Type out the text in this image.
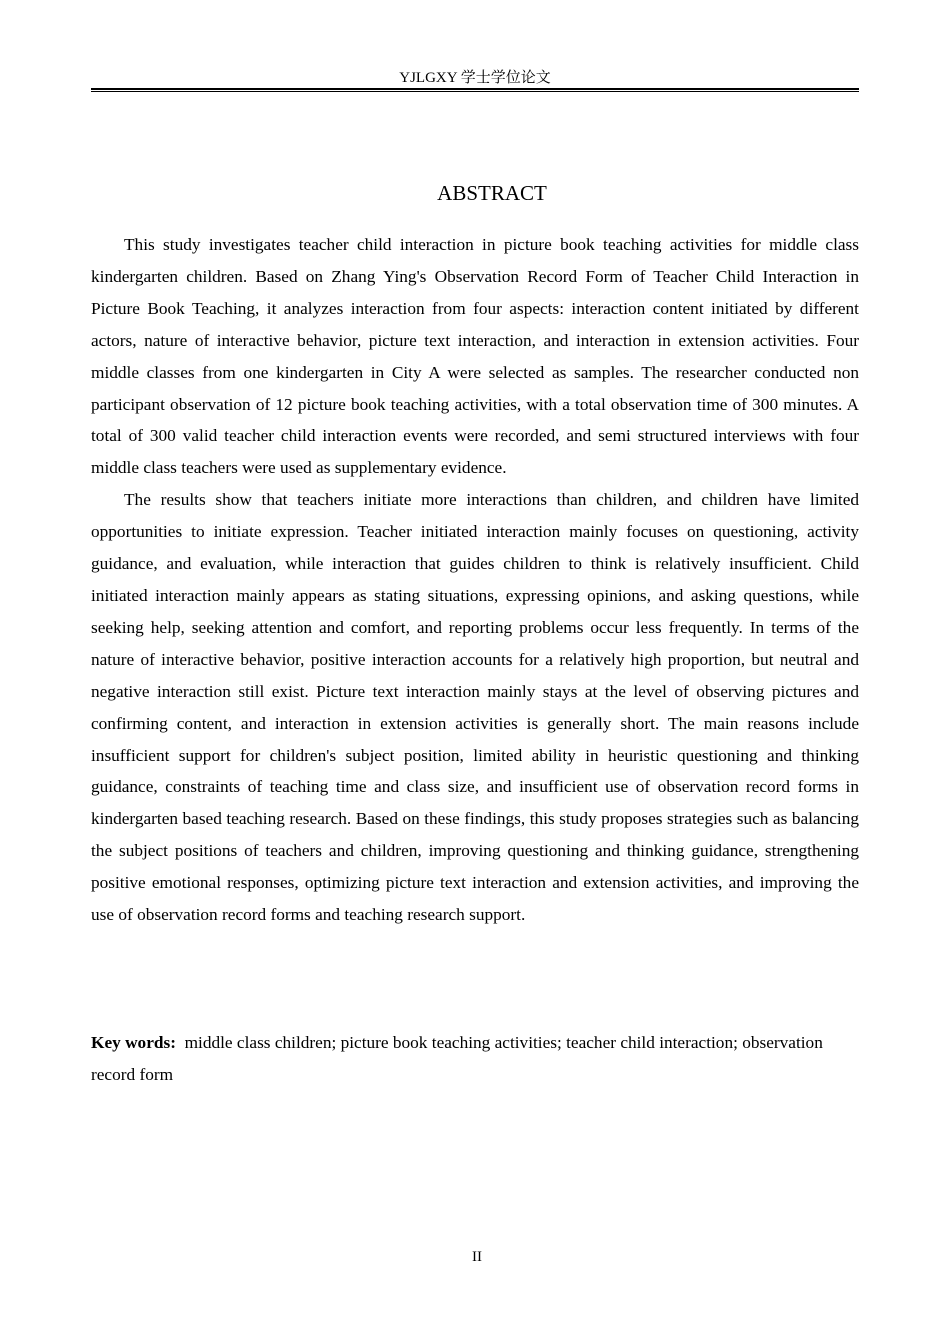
YJLGXY 学士学位论文
ABSTRACT

This study investigates teacher child interaction in picture book teaching activities for middle class kindergarten children. Based on Zhang Ying's Observation Record Form of Teacher Child Interaction in Picture Book Teaching, it analyzes interaction from four aspects: interaction content initiated by different actors, nature of interactive behavior, picture text interaction, and interaction in extension activities. Four middle classes from one kindergarten in City A were selected as samples. The researcher conducted non participant observation of 12 picture book teaching activities, with a total observation time of 300 minutes. A total of 300 valid teacher child interaction events were recorded, and semi structured interviews with four middle class teachers were used as supplementary evidence.

The results show that teachers initiate more interactions than children, and children have limited opportunities to initiate expression. Teacher initiated interaction mainly focuses on questioning, activity guidance, and evaluation, while interaction that guides children to think is relatively insufficient. Child initiated interaction mainly appears as stating situations, expressing opinions, and asking questions, while seeking help, seeking attention and comfort, and reporting problems occur less frequently. In terms of the nature of interactive behavior, positive interaction accounts for a relatively high proportion, but neutral and negative interaction still exist. Picture text interaction mainly stays at the level of observing pictures and confirming content, and interaction in extension activities is generally short. The main reasons include insufficient support for children's subject position, limited ability in heuristic questioning and thinking guidance, constraints of teaching time and class size, and insufficient use of observation record forms in kindergarten based teaching research. Based on these findings, this study proposes strategies such as balancing the subject positions of teachers and children, improving questioning and thinking guidance, strengthening positive emotional responses, optimizing picture text interaction and extension activities, and improving the use of observation record forms and teaching research support.

Key words: middle class children; picture book teaching activities; teacher child interaction; observation record form
II
